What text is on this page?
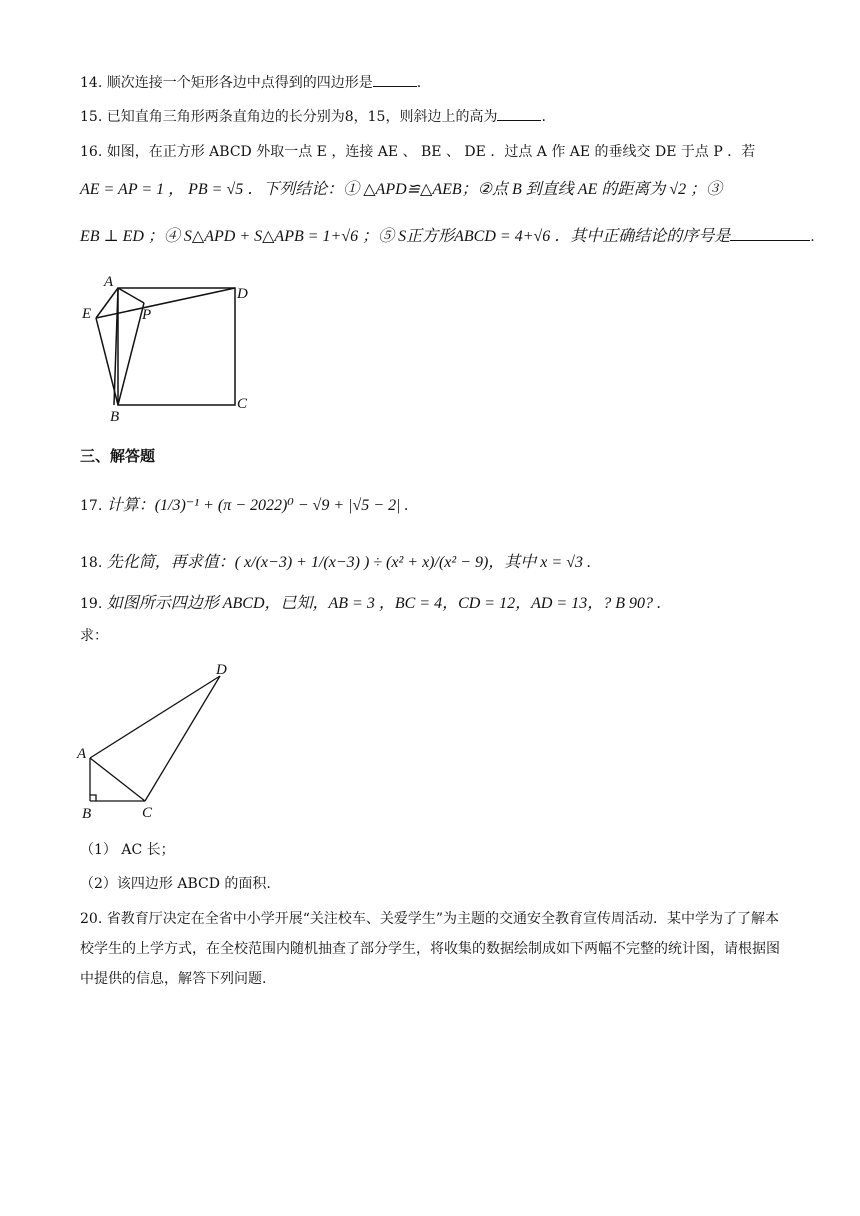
14. 顺次连接一个矩形各边中点得到的四边形是	.
15. 已知直角三角形两条直角边的长分别为8，15，则斜边上的高为	.
16. 如图，在正方形 ABCD 外取一点 E ，连接 AE 、 BE 、 DE ．过点 A 作 AE 的垂线交 DE 于点 P ．若
AE = AP = 1 ， PB = √5 ．下列结论：① △APD≌△AEB；②点 B 到直线 AE 的距离为 √2 ；③
EB ⊥ ED ；④ S△APD + S△APB = 1+√6 ；⑤ S正方形ABCD = 4+√6 ．其中正确结论的序号是	.
A
D
E	P
B
C
三、解答题
17. 计算：(1/3)⁻¹ + (π − 2022)⁰ − √9 + |√5 − 2| .
18. 先化简，再求值：( x/(x−3) + 1/(x−3) ) ÷ (x² + x)/(x² − 9)，其中 x = √3 .
19. 如图所示四边形 ABCD，已知，AB = 3 ，BC = 4，CD = 12，AD = 13，? B 90? .
求：
A
B	C
D
（1） AC 长；
（2）该四边形 ABCD 的面积.
20. 省教育厅决定在全省中小学开展“关注校车、关爱学生”为主题的交通安全教育宣传周活动．某中学为了了解本校学生的上学方式，在全校范围内随机抽查了部分学生，将收集的数据绘制成如下两幅不完整的统计图，请根据图中提供的信息，解答下列问题.
